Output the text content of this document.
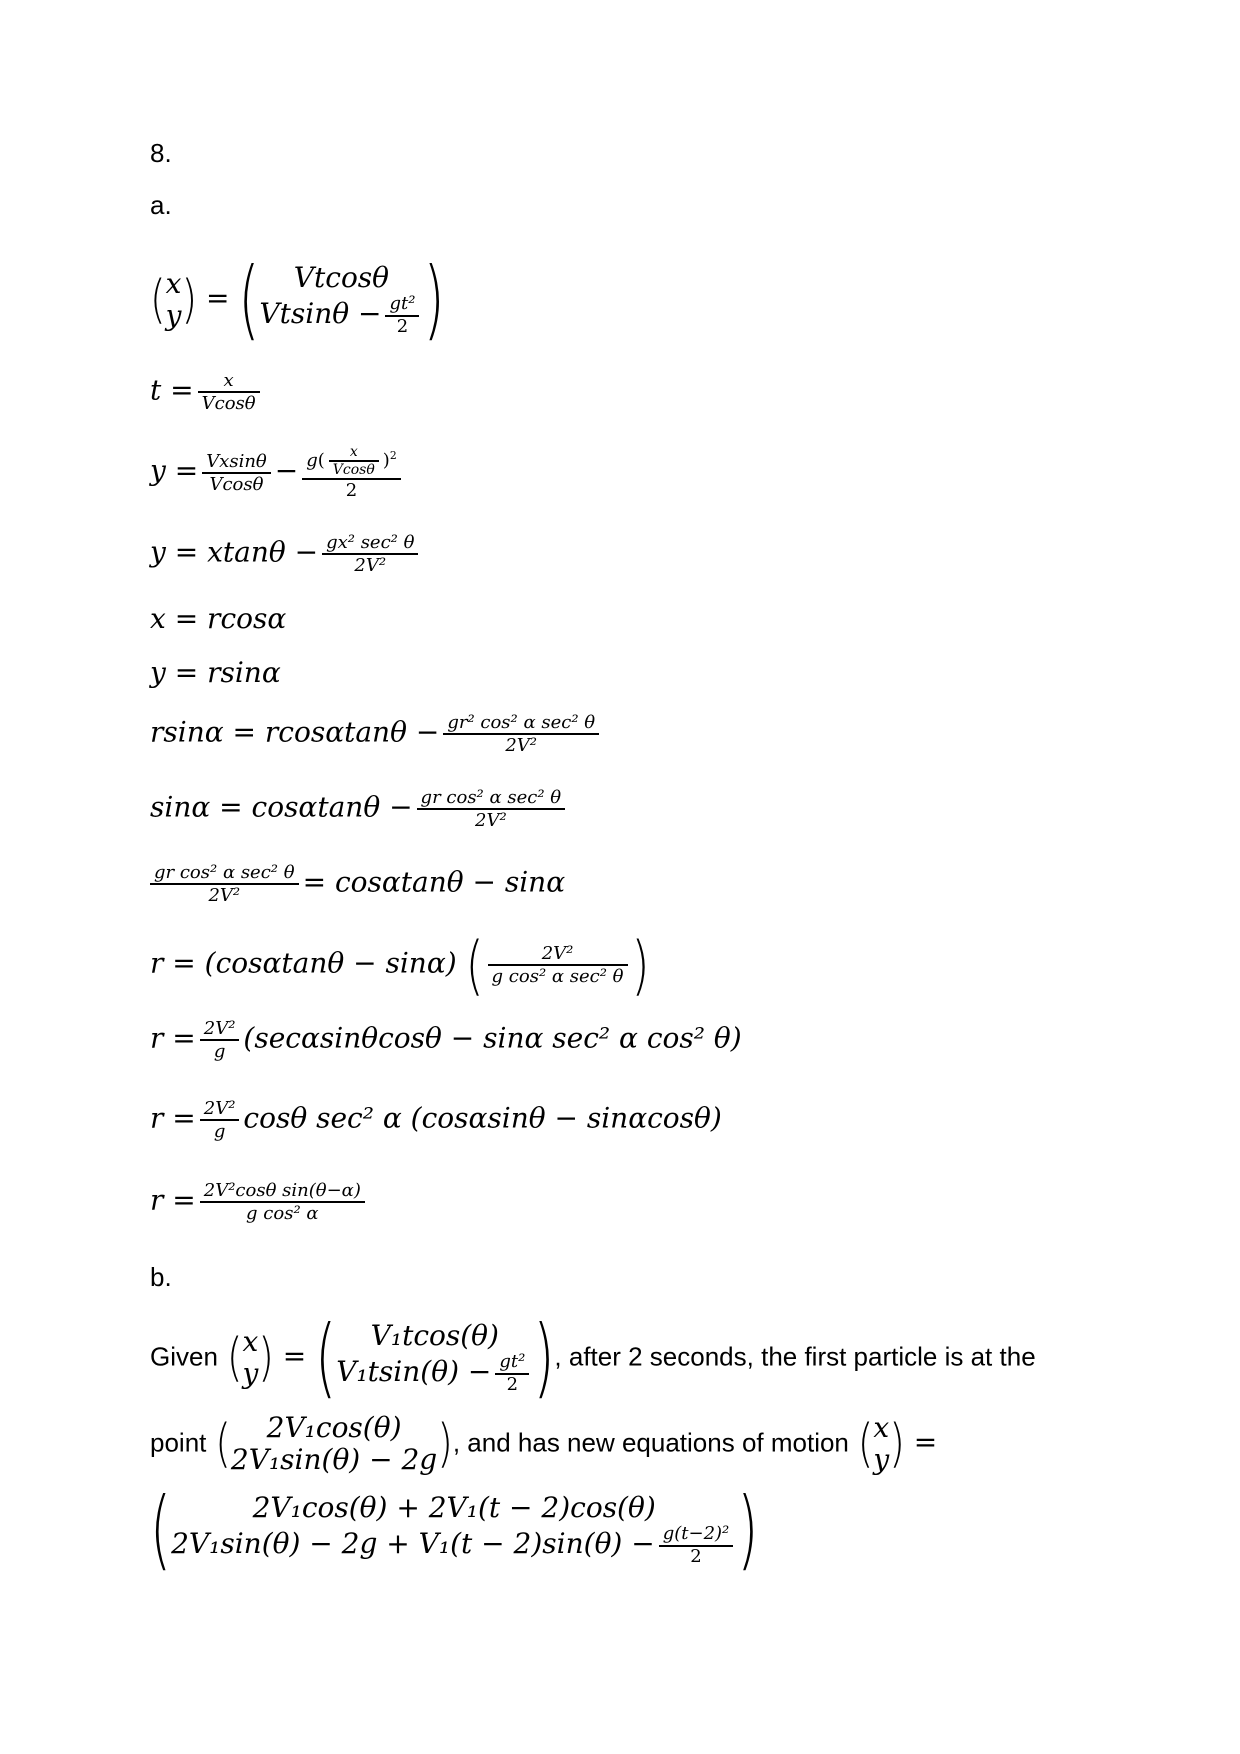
8.
a.
( x
y ) = (	Vtcosθ
$Vtsin\theta - \frac{\text{gt²}}{2}$ )
$t = \frac{x}{Vcos\theta}$
$y = \frac{Vxsin\theta}{Vcos\theta} - \frac{g( \frac{x}{Vcos\theta} )^2}{2}$
$y = xtan\theta - \frac{\text{gx² sec² θ}}{\text{2V²}}$
x = rcosα
y = rsinα
$rsin\alpha = rcos\alpha\tan\theta - \frac{\text{gr² cos² α sec² θ}}{\text{2V²}}$
$\sin\alpha = \cos\alpha\tan\theta - \frac{\text{gr cos² α sec² θ}}{\text{2V²}}$
$\frac{\text{gr cos² α sec² θ}}{\text{2V²}} = \cos\alpha\tan\theta - \sin\alpha$
r = (cosαtanθ − sinα) ( $\frac{\text{2V²}}{\text{g cos² α sec² θ}}$ )
$r = \frac{\text{2V²}}{g} (\sec\alpha\sin\theta\cos\theta - \sin\alpha$ sec² α cos² θ)
$r = \frac{\text{2V²}}{g}$ cosθ sec² α (cosαsinθ − sinαcosθ)
$r = \frac{\text{2V²cosθ sin(θ−α)}}{\text{g cos² α}}$
b.
Given ( x
y ) = (	V₁tcos(θ)
$V_1tsin(\theta) - \frac{\text{gt²}}{2}$ ), after 2 seconds, the first particle is at the
point (	2V₁cos(θ)
2V₁sin(θ) − 2g ), and has new equations of motion ( x
y ) =
(	2V₁cos(θ) + 2V₁(t − 2)cos(θ)
$2V_1\sin(\theta) - 2g + V_1(t - 2)\sin(\theta) - \frac{\text{g(t−2)²}}{2}$ )
